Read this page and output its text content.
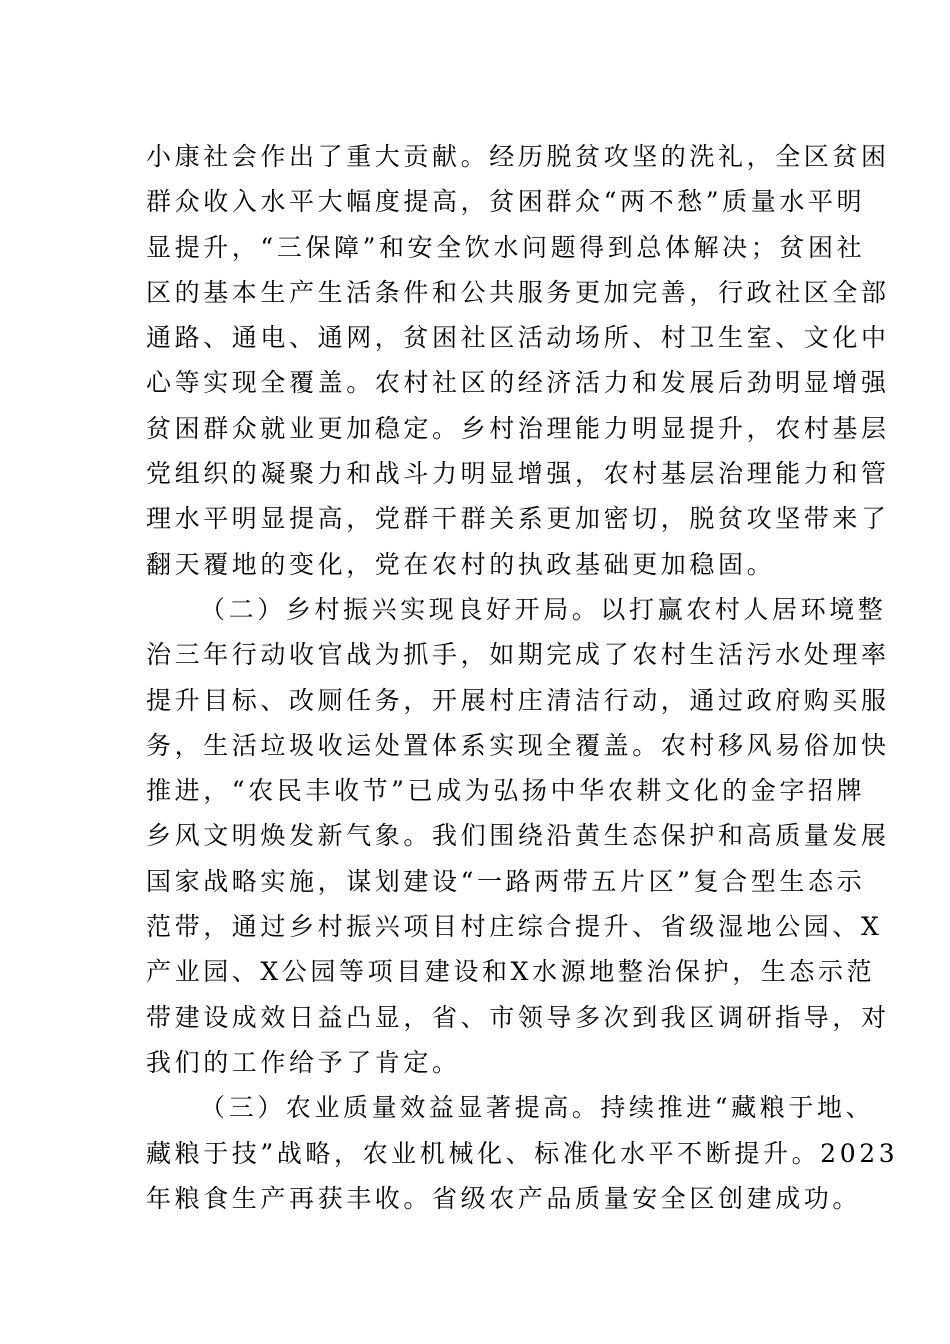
小康社会作出了重大贡献。经历脱贫攻坚的洗礼，全区贫困
群众收入水平大幅度提高，贫困群众“两不愁”质量水平明
显提升，“三保障”和安全饮水问题得到总体解决；贫困社
区的基本生产生活条件和公共服务更加完善，行政社区全部
通路、通电、通网，贫困社区活动场所、村卫生室、文化中
心等实现全覆盖。农村社区的经济活力和发展后劲明显增强
贫困群众就业更加稳定。乡村治理能力明显提升，农村基层
党组织的凝聚力和战斗力明显增强，农村基层治理能力和管
理水平明显提高，党群干群关系更加密切，脱贫攻坚带来了
翻天覆地的变化，党在农村的执政基础更加稳固。
（二）乡村振兴实现良好开局。以打赢农村人居环境整
治三年行动收官战为抓手，如期完成了农村生活污水处理率
提升目标、改厕任务，开展村庄清洁行动，通过政府购买服
务，生活垃圾收运处置体系实现全覆盖。农村移风易俗加快
推进，“农民丰收节”已成为弘扬中华农耕文化的金字招牌
乡风文明焕发新气象。我们围绕沿黄生态保护和高质量发展
国家战略实施，谋划建设“一路两带五片区”复合型生态示
范带，通过乡村振兴项目村庄综合提升、省级湿地公园、X
产业园、X公园等项目建设和X水源地整治保护，生态示范
带建设成效日益凸显，省、市领导多次到我区调研指导，对
我们的工作给予了肯定。
（三）农业质量效益显著提高。持续推进“藏粮于地、
藏粮于技”战略，农业机械化、标准化水平不断提升。2023
年粮食生产再获丰收。省级农产品质量安全区创建成功。
